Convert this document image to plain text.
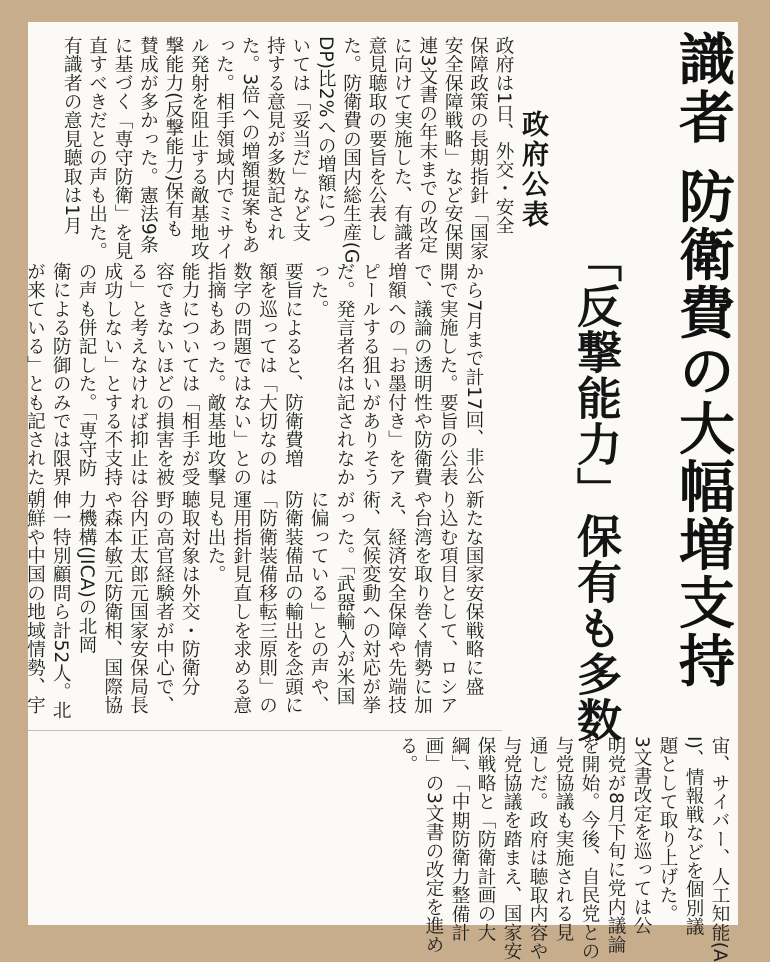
識者 防衛費の大幅増支持
「反撃能力」保有も多数
政府公表
政府は1日、外交・安全
保障政策の長期指針「国家
安全保障戦略」など安保関
連3文書の年末までの改定
に向けて実施した、有識者
意見聴取の要旨を公表し
た。防衛費の国内総生産(G
DP)比2%への増額につ
いては「妥当だ」など支
持する意見が多数記され
た。3倍への増額提案もあ
った。相手領域内でミサイ
ル発射を阻止する敵基地攻
撃能力(反撃能力)保有も
賛成が多かった。憲法9条
に基づく「専守防衛」を見
直すべきだとの声も出た。
有識者の意見聴取は1月
から7月まで計17回、非公
開で実施した。要旨の公表
で、議論の透明性や防衛費
増額への「お墨付き」をア
ピールする狙いがありそう
だ。発言者名は記されなか
った。
要旨によると、防衛費増
額を巡っては「大切なのは
数字の問題ではない」との
指摘もあった。敵基地攻撃
能力については「相手が受
容できないほどの損害を被
る」と考えなければ抑止は
成功しない」とする不支持
の声も併記した。「専守防
衛による防御のみでは限界
が来ている」とも記された。
新たな国家安保戦略に盛
り込む項目として、ロシア
や台湾を取り巻く情勢に加
え、経済安全保障や先端技
術、気候変動への対応が挙
がった。「武器輸入が米国
に偏っている」との声や、
防衛装備品の輸出を念頭に
「防衛装備移転三原則」の
運用指針見直しを求める意
見も出た。
聴取対象は外交・防衛分
野の高官経験者が中心で、
谷内正太郎元国家安保局長
や森本敏元防衛相、国際協
力機構(JICA)の北岡
伸一特別顧問ら計52人。北
朝鮮や中国の地域情勢、宇
宙、サイバー、人工知能(A
I)、情報戦などを個別議
題として取り上げた。
3文書改定を巡っては公
明党が8月下旬に党内議論
を開始。今後、自民党との
与党協議も実施される見
通しだ。政府は聴取内容や
与党協議を踏まえ、国家安
保戦略と「防衛計画の大
綱」、「中期防衛力整備計
画」の3文書の改定を進め
る。
